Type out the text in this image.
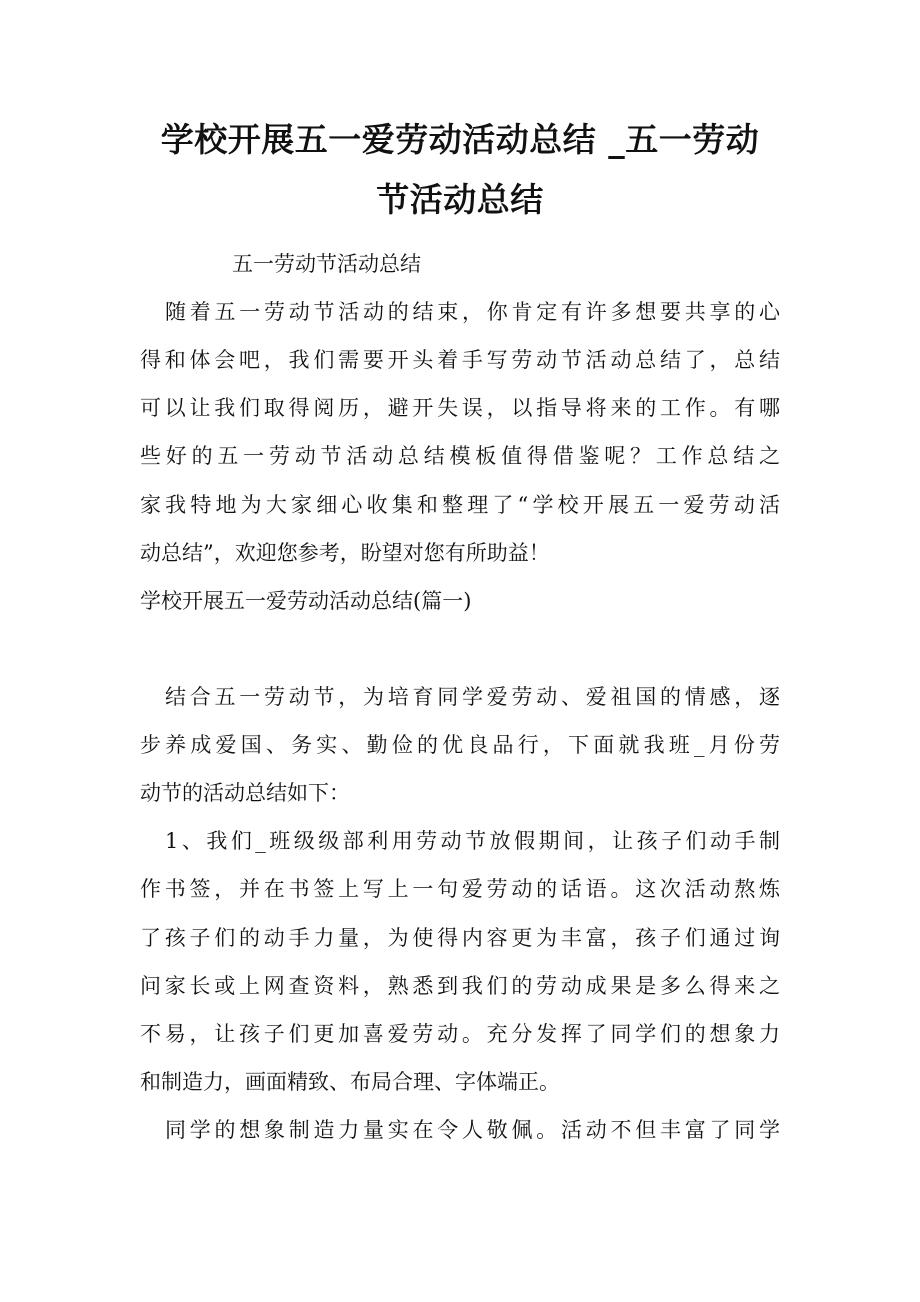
学校开展五一爱劳动活动总结 _五一劳动
节活动总结

五一劳动节活动总结

随着五一劳动节活动的结束，你肯定有许多想要共享的心

得和体会吧，我们需要开头着手写劳动节活动总结了，总结

可以让我们取得阅历，避开失误，以指导将来的工作。有哪

些好的五一劳动节活动总结模板值得借鉴呢？工作总结之

家我特地为大家细心收集和整理了“学校开展五一爱劳动活

动总结”，欢迎您参考，盼望对您有所助益！

学校开展五一爱劳动活动总结(篇一)

结合五一劳动节，为培育同学爱劳动、爱祖国的情感，逐

步养成爱国、务实、勤俭的优良品行，下面就我班_月份劳

动节的活动总结如下：

1、我们_班级级部利用劳动节放假期间，让孩子们动手制

作书签，并在书签上写上一句爱劳动的话语。这次活动熬炼

了孩子们的动手力量，为使得内容更为丰富，孩子们通过询

问家长或上网查资料，熟悉到我们的劳动成果是多么得来之

不易，让孩子们更加喜爱劳动。充分发挥了同学们的想象力

和制造力，画面精致、布局合理、字体端正。

同学的想象制造力量实在令人敬佩。活动不但丰富了同学
